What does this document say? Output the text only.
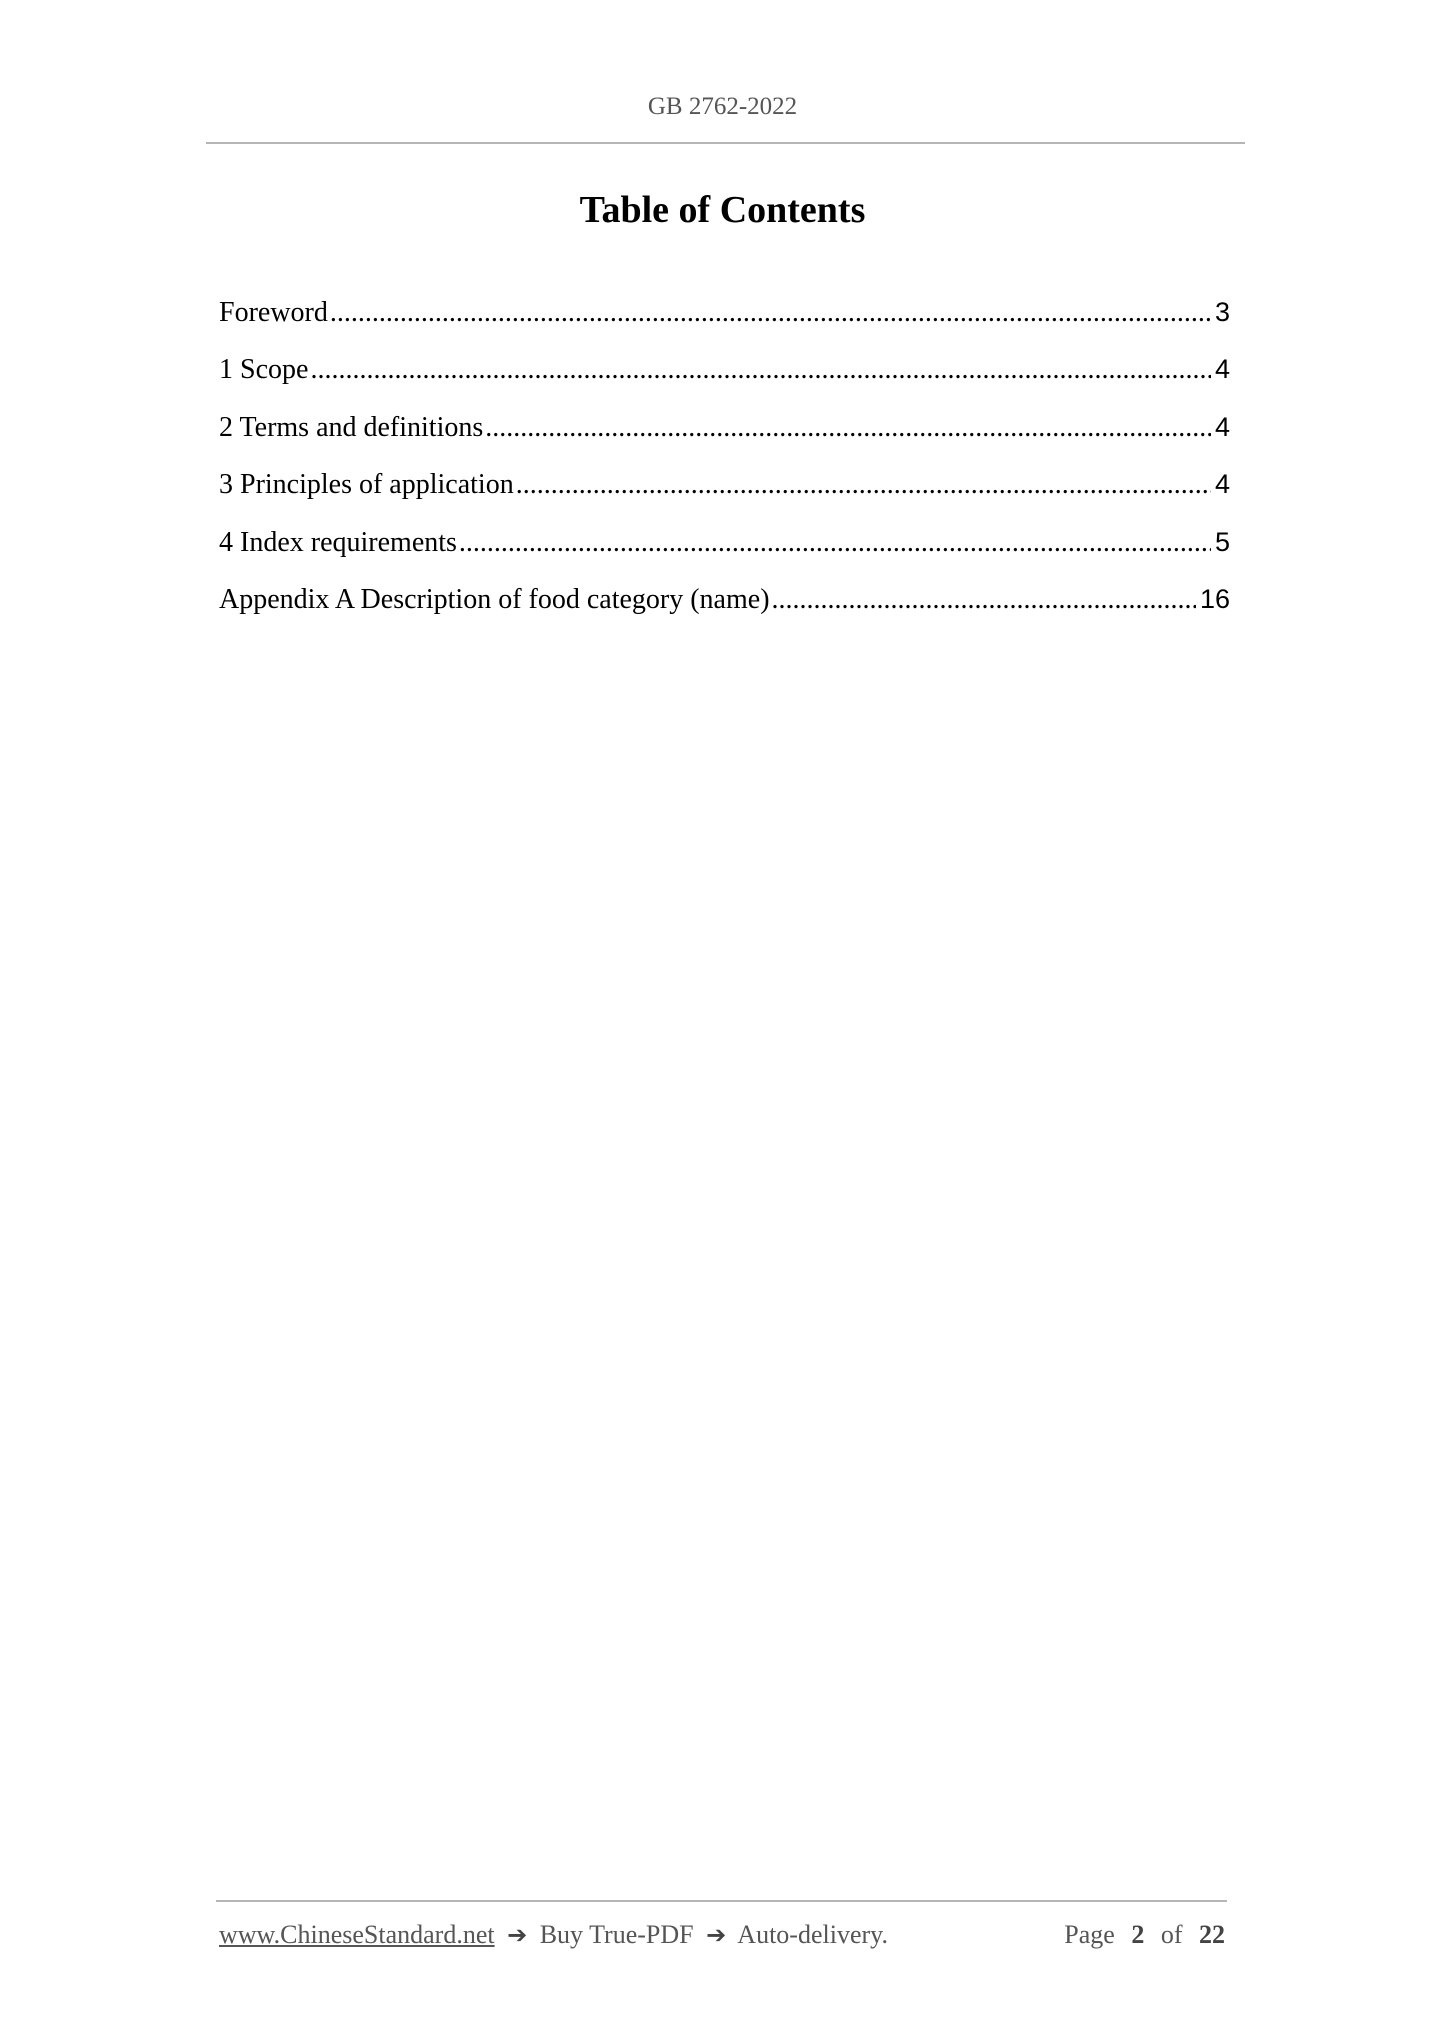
GB 2762-2022
Table of Contents
Foreword .....	3
1 Scope .....	4
2 Terms and definitions .....	4
3 Principles of application .....	4
4 Index requirements .....	5
Appendix A Description of food category (name) .....	16
www.ChineseStandard.net ➔ Buy True-PDF ➔ Auto-delivery.	Page 2 of 22
